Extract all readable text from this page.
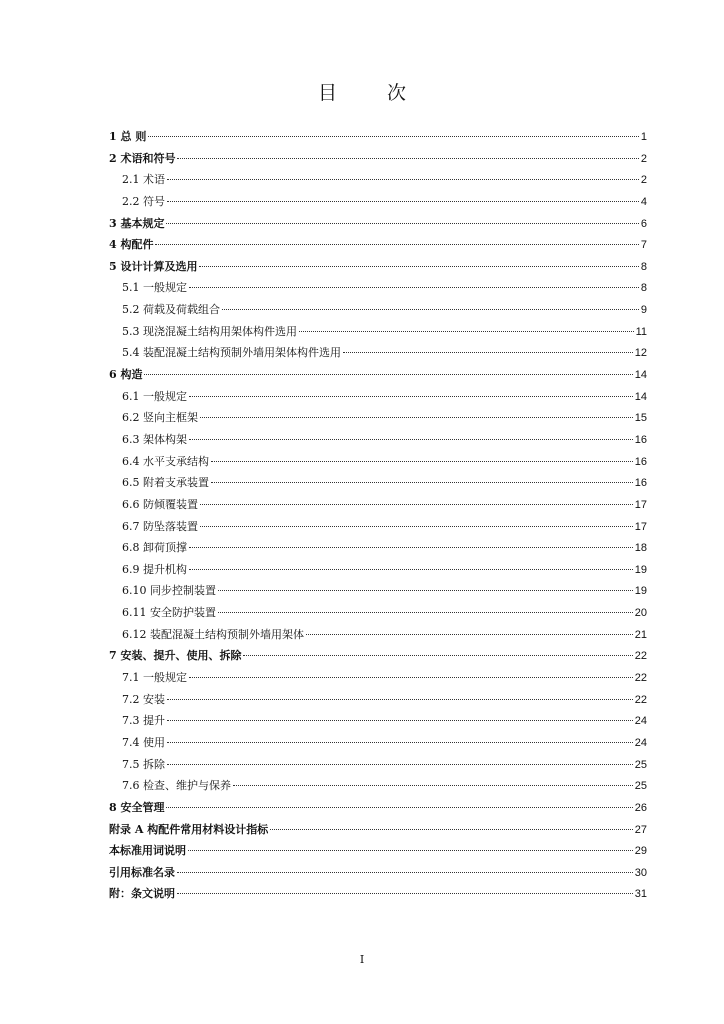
目 次
1 总 则	1
2 术语和符号	2
2.1 术语	2
2.2 符号	4
3 基本规定	6
4 构配件	7
5 设计计算及选用	8
5.1 一般规定	8
5.2 荷载及荷载组合	9
5.3 现浇混凝土结构用架体构件选用	11
5.4 装配混凝土结构预制外墙用架体构件选用	12
6 构造	14
6.1 一般规定	14
6.2 竖向主框架	15
6.3 架体构架	16
6.4 水平支承结构	16
6.5 附着支承装置	16
6.6 防倾覆装置	17
6.7 防坠落装置	17
6.8 卸荷顶撑	18
6.9 提升机构	19
6.10 同步控制装置	19
6.11 安全防护装置	20
6.12 装配混凝土结构预制外墙用架体	21
7 安装、提升、使用、拆除	22
7.1 一般规定	22
7.2 安装	22
7.3 提升	24
7.4 使用	24
7.5 拆除	25
7.6 检查、维护与保养	25
8 安全管理	26
附录 A 构配件常用材料设计指标	27
本标准用词说明	29
引用标准名录	30
附：条文说明	31
I
